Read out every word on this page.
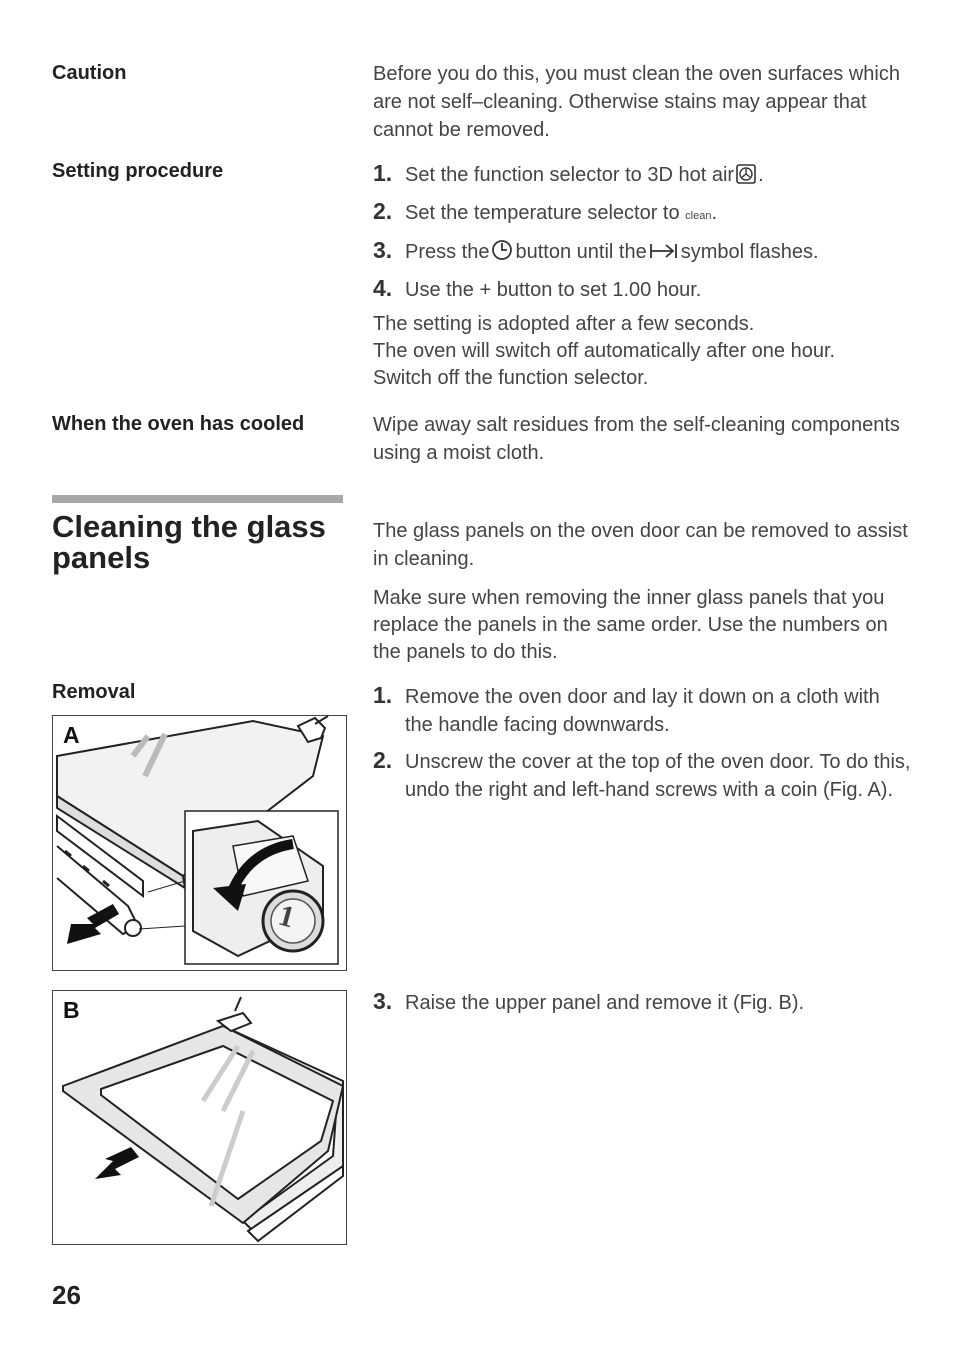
Caution	Before you do this, you must clean the oven surfaces which are not self–cleaning. Otherwise stains may appear that cannot be removed.
Setting procedure	1. Set the function selector to 3D hot air .
2. Set the temperature selector to clean.
3. Press the button until the symbol flashes.
4. Use the + button to set 1.00 hour.
The setting is adopted after a few seconds.
The oven will switch off automatically after one hour.
Switch off the function selector.
When the oven has cooled	Wipe away salt residues from the self-cleaning components using a moist cloth.
Cleaning the glass panels
The glass panels on the oven door can be removed to assist in cleaning.
Make sure when removing the inner glass panels that you replace the panels in the same order. Use the numbers on the panels to do this.
Removal	1. Remove the oven door and lay it down on a cloth with the handle facing downwards.
2. Unscrew the cover at the top of the oven door. To do this, undo the right and left-hand screws with a coin (Fig. A).
3. Raise the upper panel and remove it (Fig. B).
A
1
B
26
